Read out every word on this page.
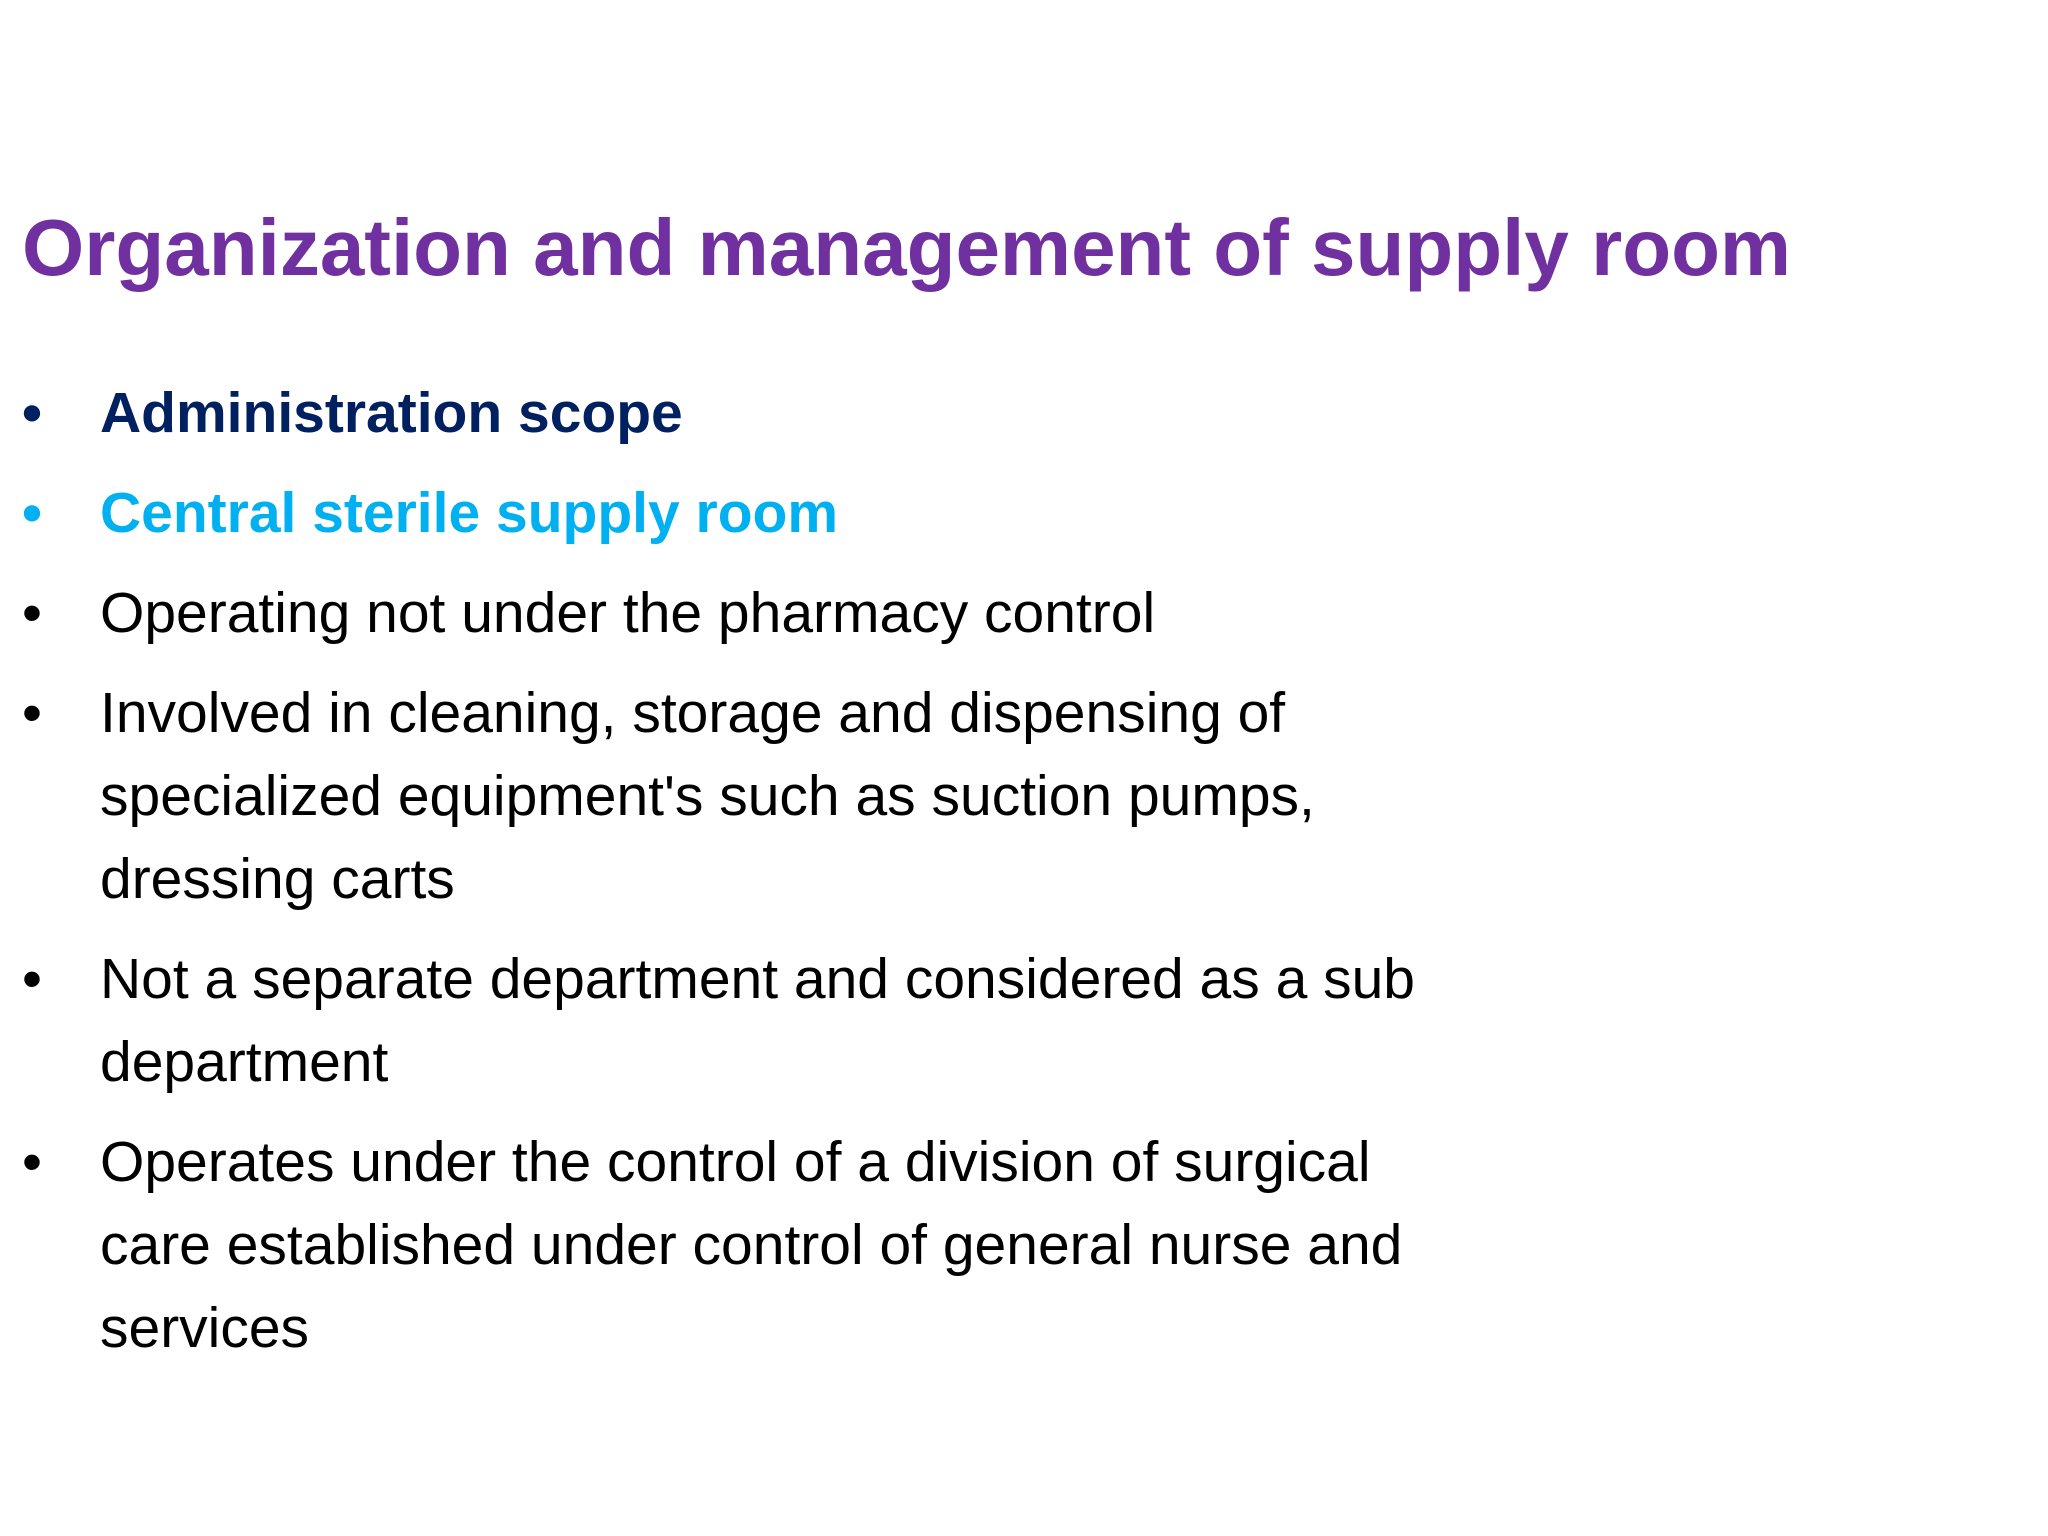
Organization and management of supply room
•	Administration scope
•	Central sterile supply room
•	Operating not under the pharmacy control
•	Involved in cleaning, storage and dispensing of specialized equipment's such as suction pumps, dressing carts
•	Not a separate department and considered as a sub department
•	Operates under the control of a division of surgical care established under control of general nurse and services
